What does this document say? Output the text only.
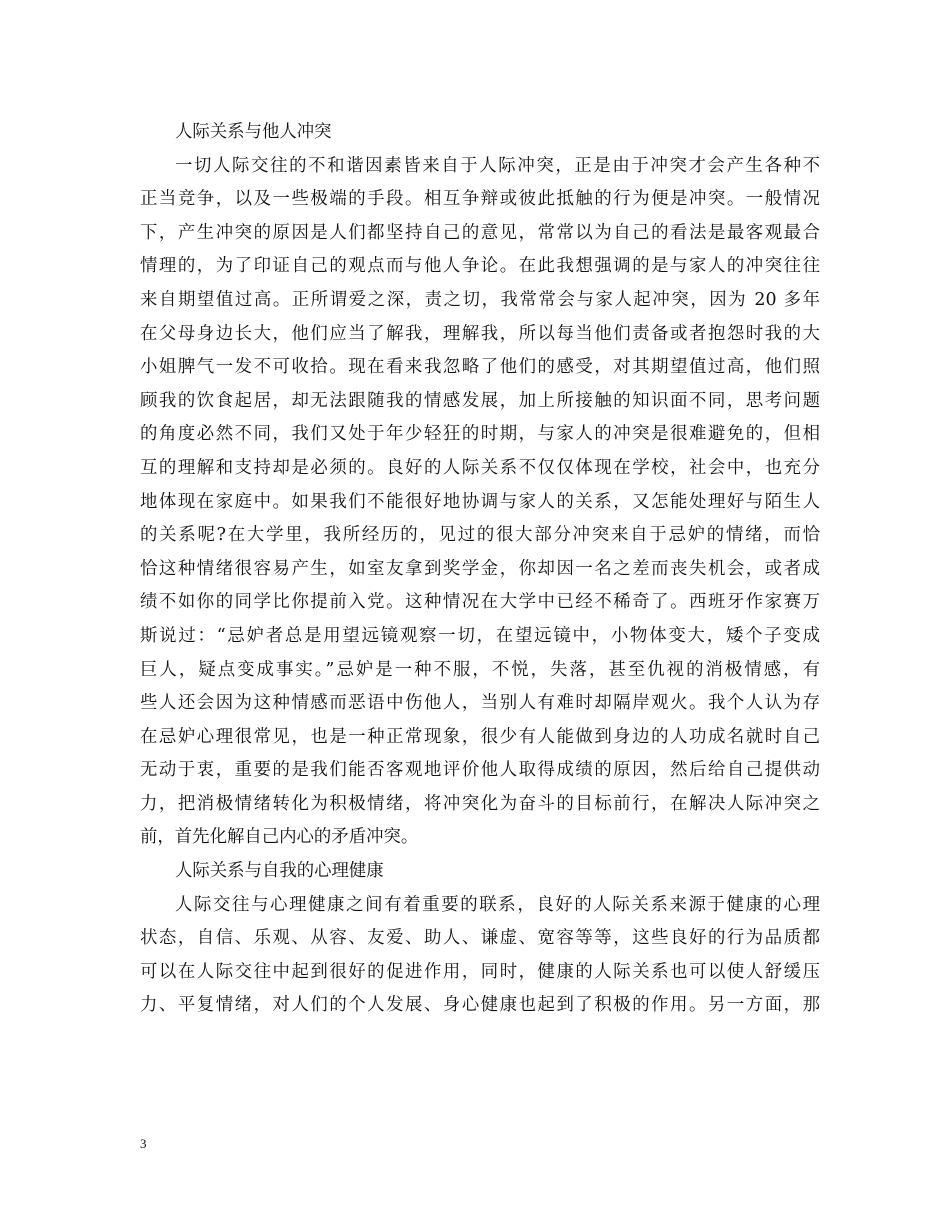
人际关系与他人冲突

一切人际交往的不和谐因素皆来自于人际冲突，正是由于冲突才会产生各种不
正当竞争，以及一些极端的手段。相互争辩或彼此抵触的行为便是冲突。一般情况
下，产生冲突的原因是人们都坚持自己的意见，常常以为自己的看法是最客观最合
情理的，为了印证自己的观点而与他人争论。在此我想强调的是与家人的冲突往往
来自期望值过高。正所谓爱之深，责之切，我常常会与家人起冲突，因为 20 多年
在父母身边长大，他们应当了解我，理解我，所以每当他们责备或者抱怨时我的大
小姐脾气一发不可收拾。现在看来我忽略了他们的感受，对其期望值过高，他们照
顾我的饮食起居，却无法跟随我的情感发展，加上所接触的知识面不同，思考问题
的角度必然不同，我们又处于年少轻狂的时期，与家人的冲突是很难避免的，但相
互的理解和支持却是必须的。良好的人际关系不仅仅体现在学校，社会中，也充分
地体现在家庭中。如果我们不能很好地协调与家人的关系，又怎能处理好与陌生人
的关系呢?在大学里，我所经历的，见过的很大部分冲突来自于忌妒的情绪，而恰
恰这种情绪很容易产生，如室友拿到奖学金，你却因一名之差而丧失机会，或者成
绩不如你的同学比你提前入党。这种情况在大学中已经不稀奇了。西班牙作家赛万
斯说过：“忌妒者总是用望远镜观察一切，在望远镜中，小物体变大，矮个子变成
巨人，疑点变成事实。”忌妒是一种不服，不悦，失落，甚至仇视的消极情感，有
些人还会因为这种情感而恶语中伤他人，当别人有难时却隔岸观火。我个人认为存
在忌妒心理很常见，也是一种正常现象，很少有人能做到身边的人功成名就时自己
无动于衷，重要的是我们能否客观地评价他人取得成绩的原因，然后给自己提供动
力，把消极情绪转化为积极情绪，将冲突化为奋斗的目标前行，在解决人际冲突之
前，首先化解自己内心的矛盾冲突。

人际关系与自我的心理健康

人际交往与心理健康之间有着重要的联系，良好的人际关系来源于健康的心理
状态，自信、乐观、从容、友爱、助人、谦虚、宽容等等，这些良好的行为品质都
可以在人际交往中起到很好的促进作用，同时，健康的人际关系也可以使人舒缓压
力、平复情绪，对人们的个人发展、身心健康也起到了积极的作用。另一方面，那

3
